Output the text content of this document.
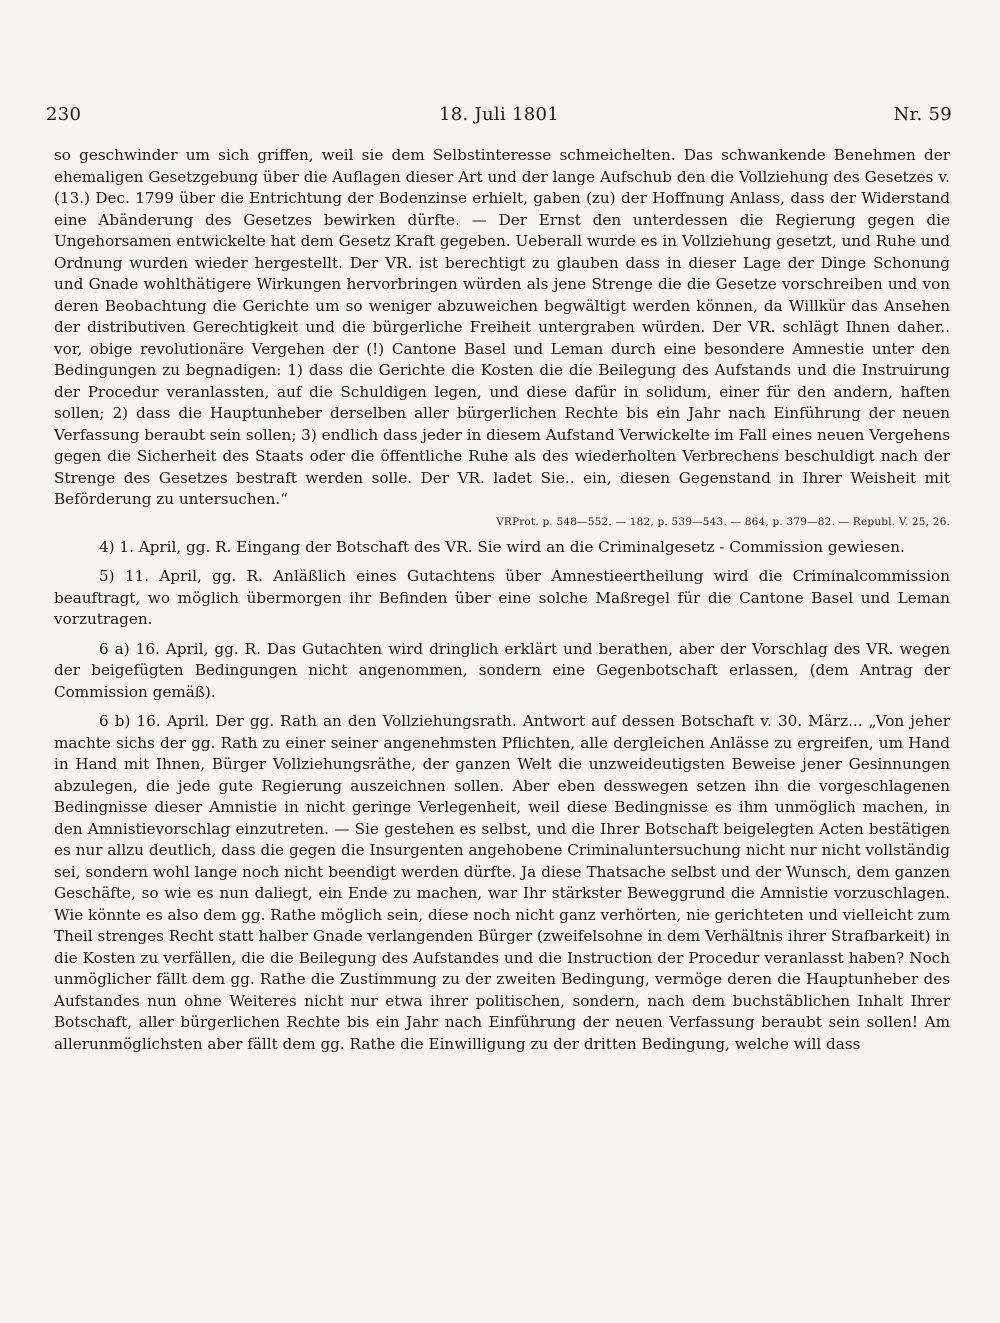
230	18. Juli 1801	Nr. 59

so geschwinder um sich griffen, weil sie dem Selbstinteresse schmeichelten. Das schwankende Benehmen der ehemaligen Gesetzgebung über die Auflagen dieser Art und der lange Aufschub den die Vollziehung des Gesetzes v. (13.) Dec. 1799 über die Entrichtung der Bodenzinse erhielt, gaben (zu) der Hoffnung Anlass, dass der Widerstand eine Abänderung des Gesetzes bewirken dürfte. — Der Ernst den unterdessen die Regierung gegen die Ungehorsamen entwickelte hat dem Gesetz Kraft gegeben. Ueberall wurde es in Vollziehung gesetzt, und Ruhe und Ordnung wurden wieder hergestellt. Der VR. ist berechtigt zu glauben dass in dieser Lage der Dinge Schonung und Gnade wohlthätigere Wirkungen hervorbringen würden als jene Strenge die die Gesetze vorschreiben und von deren Beobachtung die Gerichte um so weniger abzuweichen begwältigt werden können, da Willkür das Ansehen der distributiven Gerechtigkeit und die bürgerliche Freiheit untergraben würden. Der VR. schlägt Ihnen daher.. vor, obige revolutionäre Vergehen der (!) Cantone Basel und Leman durch eine besondere Amnestie unter den Bedingungen zu begnadigen: 1) dass die Gerichte die Kosten die die Beilegung des Aufstands und die Instruirung der Procedur veranlassten, auf die Schuldigen legen, und diese dafür in solidum, einer für den andern, haften sollen; 2) dass die Hauptunheber derselben aller bürgerlichen Rechte bis ein Jahr nach Einführung der neuen Verfassung beraubt sein sollen; 3) endlich dass jeder in diesem Aufstand Verwickelte im Fall eines neuen Vergehens gegen die Sicherheit des Staats oder die öffentliche Ruhe als des wiederholten Verbrechens beschuldigt nach der Strenge des Gesetzes bestraft werden solle. Der VR. ladet Sie.. ein, diesen Gegenstand in Ihrer Weisheit mit Beförderung zu untersuchen.“

VRProt. p. 548—552. — 182, p. 539—543. — 864, p. 379—82. — Republ. V. 25, 26.

4) 1. April, gg. R. Eingang der Botschaft des VR. Sie wird an die Criminalgesetz - Commission gewiesen.

5) 11. April, gg. R. Anläßlich eines Gutachtens über Amnestieertheilung wird die Criminalcommission beauftragt, wo möglich übermorgen ihr Befinden über eine solche Maßregel für die Cantone Basel und Leman vorzutragen.

6 a) 16. April, gg. R. Das Gutachten wird dringlich erklärt und berathen, aber der Vorschlag des VR. wegen der beigefügten Bedingungen nicht angenommen, sondern eine Gegenbotschaft erlassen, (dem Antrag der Commission gemäß).

6 b) 16. April. Der gg. Rath an den Vollziehungsrath. Antwort auf dessen Botschaft v. 30. März... „Von jeher machte sichs der gg. Rath zu einer seiner angenehmsten Pflichten, alle dergleichen Anlässe zu ergreifen, um Hand in Hand mit Ihnen, Bürger Vollziehungsräthe, der ganzen Welt die unzweideutigsten Beweise jener Gesinnungen abzulegen, die jede gute Regierung auszeichnen sollen. Aber eben desswegen setzen ihn die vorgeschlagenen Bedingnisse dieser Amnistie in nicht geringe Verlegenheit, weil diese Bedingnisse es ihm unmöglich machen, in den Amnistievorschlag einzutreten. — Sie gestehen es selbst, und die Ihrer Botschaft beigelegten Acten bestätigen es nur allzu deutlich, dass die gegen die Insurgenten angehobene Criminaluntersuchung nicht nur nicht vollständig sei, sondern wohl lange noch nicht beendigt werden dürfte. Ja diese Thatsache selbst und der Wunsch, dem ganzen Geschäfte, so wie es nun daliegt, ein Ende zu machen, war Ihr stärkster Beweggrund die Amnistie vorzuschlagen. Wie könnte es also dem gg. Rathe möglich sein, diese noch nicht ganz verhörten, nie gerichteten und vielleicht zum Theil strenges Recht statt halber Gnade verlangenden Bürger (zweifelsohne in dem Verhältnis ihrer Strafbarkeit) in die Kosten zu verfällen, die die Beilegung des Aufstandes und die Instruction der Procedur veranlasst haben? Noch unmöglicher fällt dem gg. Rathe die Zustimmung zu der zweiten Bedingung, vermöge deren die Hauptunheber des Aufstandes nun ohne Weiteres nicht nur etwa ihrer politischen, sondern, nach dem buchstäblichen Inhalt Ihrer Botschaft, aller bürgerlichen Rechte bis ein Jahr nach Einführung der neuen Verfassung beraubt sein sollen! Am allerunmöglichsten aber fällt dem gg. Rathe die Einwilligung zu der dritten Bedingung, welche will dass
